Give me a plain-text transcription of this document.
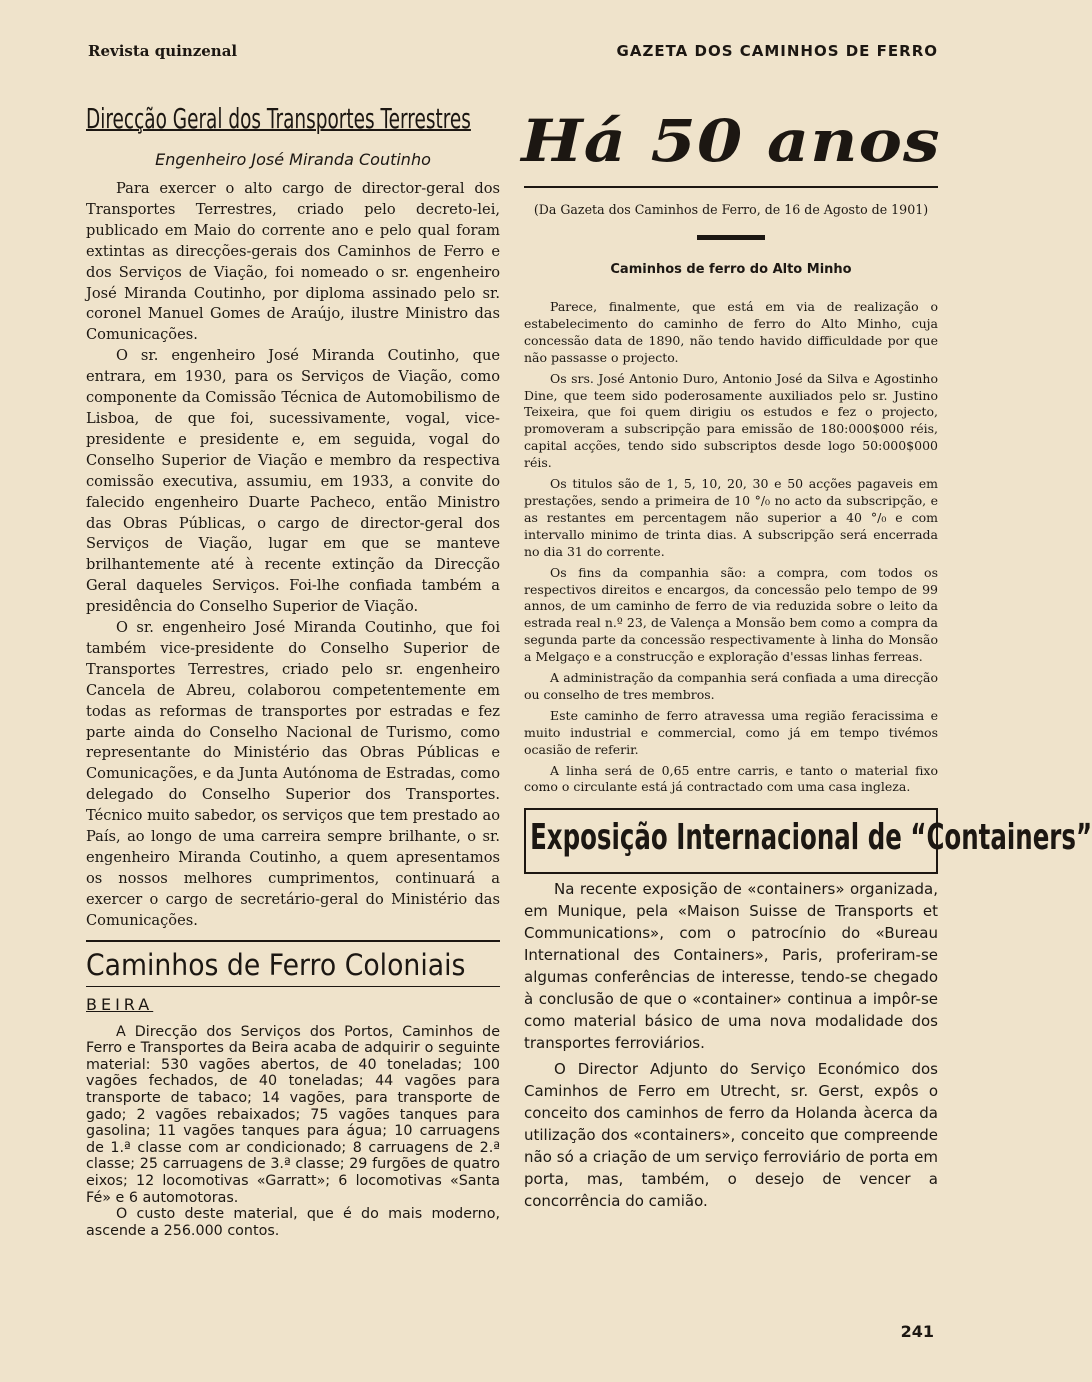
Revista quinzenal	GAZETA DOS CAMINHOS DE FERRO
Direcção Geral dos Transportes Terrestres
Engenheiro José Miranda Coutinho

Para exercer o alto cargo de director-geral dos Transportes Terrestres, criado pelo decreto-lei, publicado em Maio do corrente ano e pelo qual foram extintas as direcções-gerais dos Caminhos de Ferro e dos Serviços de Viação, foi nomeado o sr. engenheiro José Miranda Coutinho, por diploma assinado pelo sr. coronel Manuel Gomes de Araújo, ilustre Ministro das Comunicações.

O sr. engenheiro José Miranda Coutinho, que entrara, em 1930, para os Serviços de Viação, como componente da Comissão Técnica de Automobilismo de Lisboa, de que foi, sucessivamente, vogal, vice-presidente e presidente e, em seguida, vogal do Conselho Superior de Viação e membro da respectiva comissão executiva, assumiu, em 1933, a convite do falecido engenheiro Duarte Pacheco, então Ministro das Obras Públicas, o cargo de director-geral dos Serviços de Viação, lugar em que se manteve brilhantemente até à recente extinção da Direcção Geral daqueles Serviços. Foi-lhe confiada também a presidência do Conselho Superior de Viação.

O sr. engenheiro José Miranda Coutinho, que foi também vice-presidente do Conselho Superior de Transportes Terrestres, criado pelo sr. engenheiro Cancela de Abreu, colaborou competentemente em todas as reformas de transportes por estradas e fez parte ainda do Conselho Nacional de Turismo, como representante do Ministério das Obras Públicas e Comunicações, e da Junta Autónoma de Estradas, como delegado do Conselho Superior dos Transportes. Técnico muito sabedor, os serviços que tem prestado ao País, ao longo de uma carreira sempre brilhante, o sr. engenheiro Miranda Coutinho, a quem apresentamos os nossos melhores cumprimentos, continuará a exercer o cargo de secretário-geral do Ministério das Comunicações.

Caminhos de Ferro Coloniais
BEIRA

A Direcção dos Serviços dos Portos, Caminhos de Ferro e Transportes da Beira acaba de adquirir o seguinte material: 530 vagões abertos, de 40 toneladas; 100 vagões fechados, de 40 toneladas; 44 vagões para transporte de tabaco; 14 vagões, para transporte de gado; 2 vagões rebaixados; 75 vagões tanques para gasolina; 11 vagões tanques para água; 10 carruagens de 1.ª classe com ar condicionado; 8 carruagens de 2.ª classe; 25 carruagens de 3.ª classe; 29 furgões de quatro eixos; 12 locomotivas «Garratt»; 6 locomotivas «Santa Fé» e 6 automotoras.

O custo deste material, que é do mais moderno, ascende a 256.000 contos.

Há 50 anos
(Da Gazeta dos Caminhos de Ferro, de 16 de Agosto de 1901)
Caminhos de ferro do Alto Minho

Parece, finalmente, que está em via de realização o estabelecimento do caminho de ferro do Alto Minho, cuja concessão data de 1890, não tendo havido difficuldade por que não passasse o projecto.

Os srs. José Antonio Duro, Antonio José da Silva e Agostinho Dine, que teem sido poderosamente auxiliados pelo sr. Justino Teixeira, que foi quem dirigiu os estudos e fez o projecto, promoveram a subscripção para emissão de 180:000$000 réis, capital acções, tendo sido subscriptos desde logo 50:000$000 réis.

Os titulos são de 1, 5, 10, 20, 30 e 50 acções pagaveis em prestações, sendo a primeira de 10 °/₀ no acto da subscripção, e as restantes em percentagem não superior a 40 °/₀ e com intervallo minimo de trinta dias. A subscripção será encerrada no dia 31 do corrente.

Os fins da companhia são: a compra, com todos os respectivos direitos e encargos, da concessão pelo tempo de 99 annos, de um caminho de ferro de via reduzida sobre o leito da estrada real n.º 23, de Valença a Monsão bem como a compra da segunda parte da concessão respectivamente à linha do Monsão a Melgaço e a construcção e exploração d'essas linhas ferreas.

A administração da companhia será confiada a uma direcção ou conselho de tres membros.

Este caminho de ferro atravessa uma região feracissima e muito industrial e commercial, como já em tempo tivémos ocasião de referir.

A linha será de 0,65 entre carris, e tanto o material fixo como o circulante está já contractado com uma casa ingleza.

Exposição Internacional de “Containers”

Na recente exposição de «containers» organizada, em Munique, pela «Maison Suisse de Transports et Communications», com o patrocínio do «Bureau International des Containers», Paris, proferiram-se algumas conferências de interesse, tendo-se chegado à conclusão de que o «container» continua a impôr-se como material básico de uma nova modalidade dos transportes ferroviários.

O Director Adjunto do Serviço Económico dos Caminhos de Ferro em Utrecht, sr. Gerst, expôs o conceito dos caminhos de ferro da Holanda àcerca da utilização dos «containers», conceito que compreende não só a criação de um serviço ferroviário de porta em porta, mas, também, o desejo de vencer a concorrência do camião.

241
